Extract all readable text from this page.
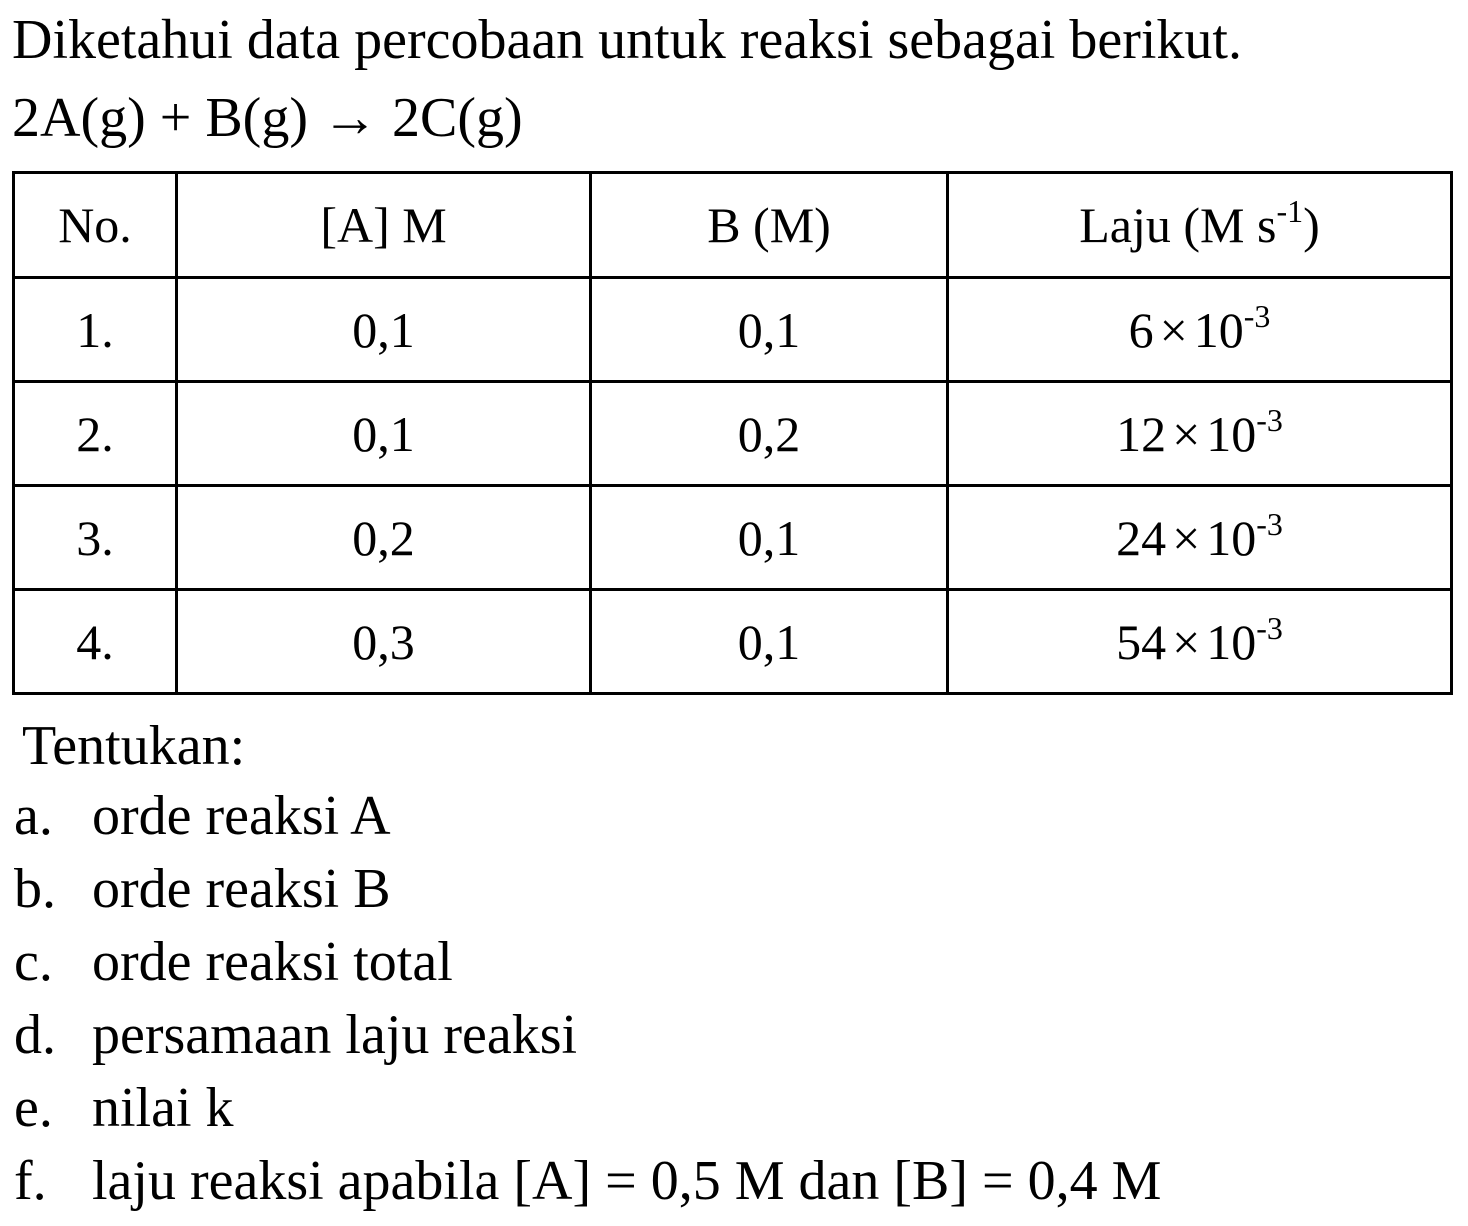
Diketahui data percobaan untuk reaksi sebagai berikut.
2A(g) + B(g) → 2C(g)
No.	[A] M	B (M)	Laju (M $s^{-1}$)
1.	0,1	0,1	$6 \times 10^{-3}$
2.	0,1	0,2	$12 \times 10^{-3}$
3.	0,2	0,1	$24 \times 10^{-3}$
4.	0,3	0,1	$54 \times 10^{-3}$
Tentukan:
a. orde reaksi A
b. orde reaksi B
c. orde reaksi total
d. persamaan laju reaksi
e. nilai k
f. laju reaksi apabila [A] = 0,5 M dan [B] = 0,4 M
